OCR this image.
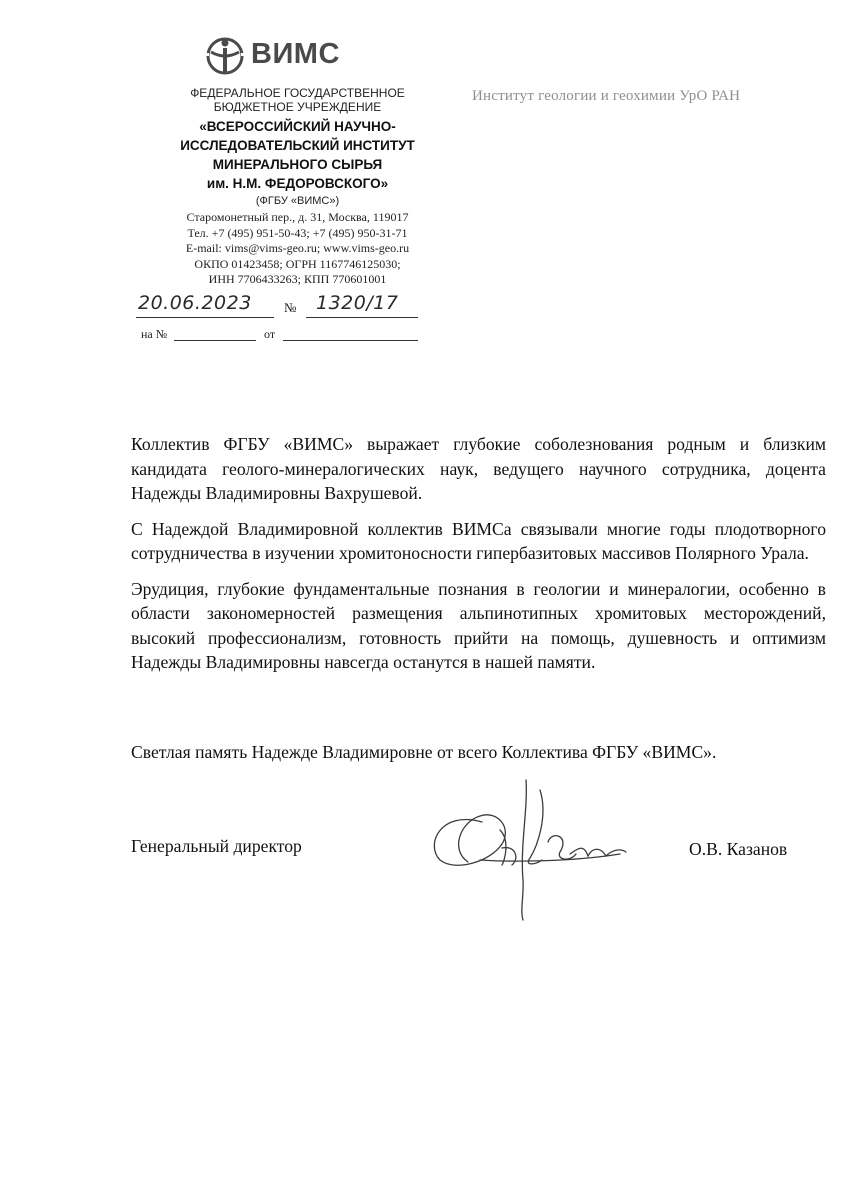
ВИМС
ФЕДЕРАЛЬНОЕ ГОСУДАРСТВЕННОЕ
БЮДЖЕТНОЕ УЧРЕЖДЕНИЕ
«ВСЕРОССИЙСКИЙ НАУЧНО-
ИССЛЕДОВАТЕЛЬСКИЙ ИНСТИТУТ
МИНЕРАЛЬНОГО СЫРЬЯ
им. Н.М. ФЕДОРОВСКОГО»
(ФГБУ «ВИМС»)
Старомонетный пер., д. 31, Москва, 119017
Тел. +7 (495) 951-50-43; +7 (495) 950-31-71
E-mail: vims@vims-geo.ru; www.vims-geo.ru
ОКПО 01423458; ОГРН 1167746125030;
ИНН 7706433263; КПП 770601001
Институт геологии и геохимии УрО РАН
20.06.2023 № 1320/17
на №	от

Коллектив ФГБУ «ВИМС» выражает глубокие соболезнования родным и близким кандидата геолого-минералогических наук, ведущего научного сотрудника, доцента Надежды Владимировны Вахрушевой.

С Надеждой Владимировной коллектив ВИМСа связывали многие годы плодотворного сотрудничества в изучении хромитоносности гипербазитовых массивов Полярного Урала.

Эрудиция, глубокие фундаментальные познания в геологии и минералогии, особенно в области закономерностей размещения альпинотипных хромитовых месторождений, высокий профессионализм, готовность прийти на помощь, душевность и оптимизм Надежды Владимировны навсегда останутся в нашей памяти.

Светлая память Надежде Владимировне от всего Коллектива ФГБУ «ВИМС».
Генеральный директор	О.В. Казанов
